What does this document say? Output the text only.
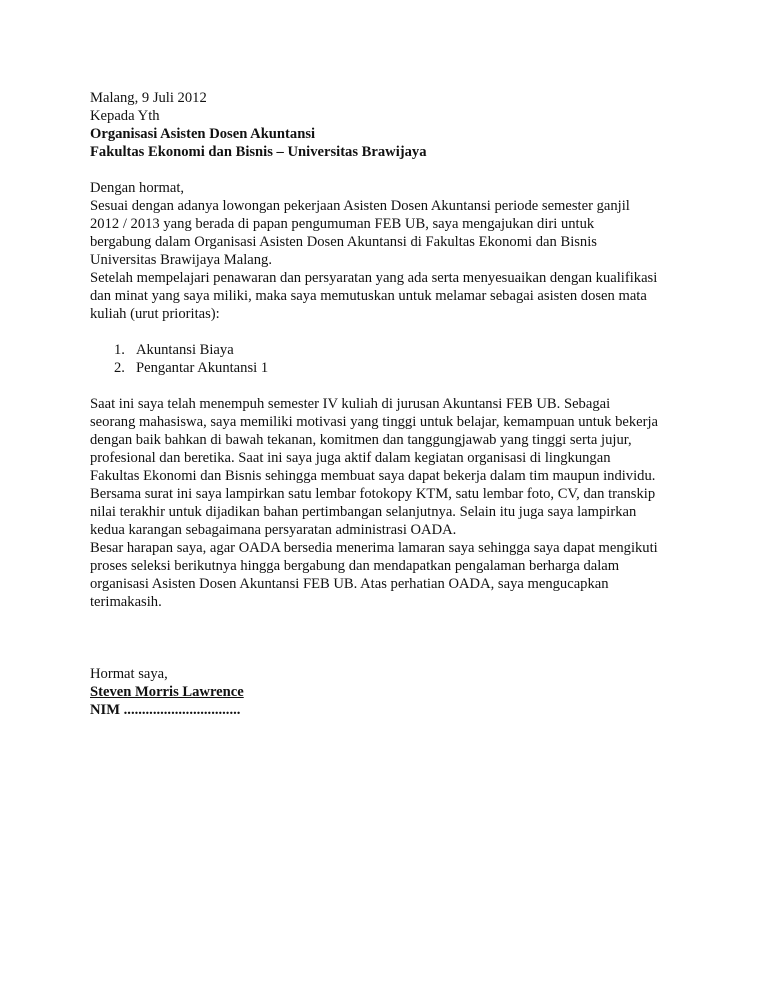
Malang, 9 Juli 2012
Kepada Yth
Organisasi Asisten Dosen Akuntansi
Fakultas Ekonomi dan Bisnis – Universitas Brawijaya
Dengan hormat,
Sesuai dengan adanya lowongan pekerjaan Asisten Dosen Akuntansi periode semester ganjil
2012 / 2013 yang berada di papan pengumuman FEB UB, saya mengajukan diri untuk
bergabung dalam Organisasi Asisten Dosen Akuntansi di Fakultas Ekonomi dan Bisnis
Universitas Brawijaya Malang.
Setelah mempelajari penawaran dan persyaratan yang ada serta menyesuaikan dengan kualifikasi
dan minat yang saya miliki, maka saya memutuskan untuk melamar sebagai asisten dosen mata
kuliah (urut prioritas):
1. Akuntansi Biaya
2. Pengantar Akuntansi 1
Saat ini saya telah menempuh semester IV kuliah di jurusan Akuntansi FEB UB. Sebagai
seorang mahasiswa, saya memiliki motivasi yang tinggi untuk belajar, kemampuan untuk bekerja
dengan baik bahkan di bawah tekanan, komitmen dan tanggungjawab yang tinggi serta jujur,
profesional dan beretika. Saat ini saya juga aktif dalam kegiatan organisasi di lingkungan
Fakultas Ekonomi dan Bisnis sehingga membuat saya dapat bekerja dalam tim maupun individu.
Bersama surat ini saya lampirkan satu lembar fotokopy KTM, satu lembar foto, CV, dan transkip
nilai terakhir untuk dijadikan bahan pertimbangan selanjutnya. Selain itu juga saya lampirkan
kedua karangan sebagaimana persyaratan administrasi OADA.
Besar harapan saya, agar OADA bersedia menerima lamaran saya sehingga saya dapat mengikuti
proses seleksi berikutnya hingga bergabung dan mendapatkan pengalaman berharga dalam
organisasi Asisten Dosen Akuntansi FEB UB. Atas perhatian OADA, saya mengucapkan
terimakasih.
Hormat saya,
Steven Morris Lawrence
NIM ................................
